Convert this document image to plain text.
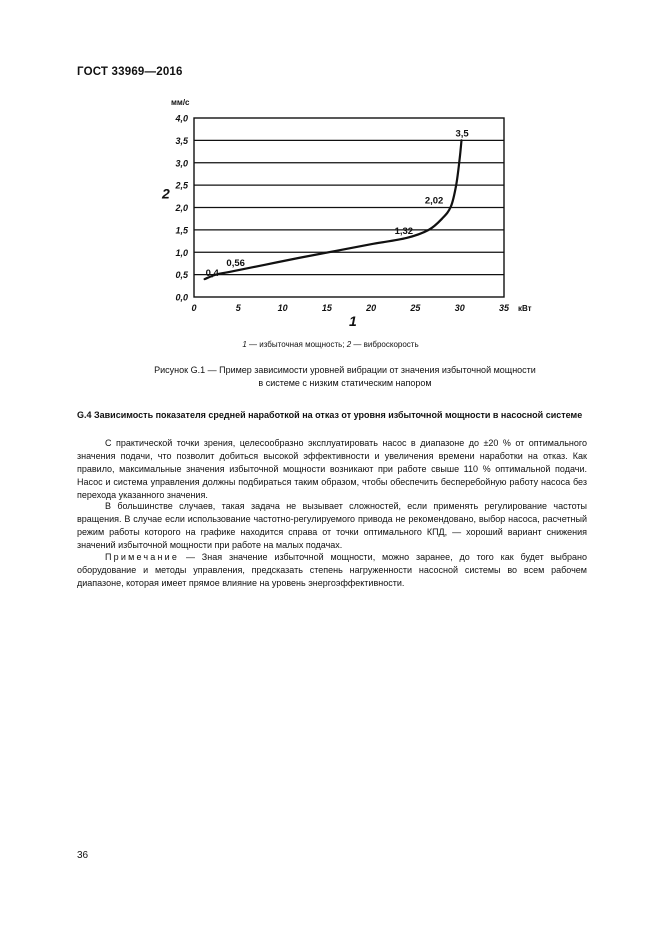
ГОСТ 33969—2016
0,0
0,5
1,0
1,5
2,0
2,5
3,0
3,5
4,0
0	5	10	15	20	25	30	35
мм/с
кВт
2
1
0,4
0,56
1,32
2,02
3,5
1 — избыточная мощность; 2 — виброскорость
Рисунок G.1 — Пример зависимости уровней вибрации от значения избыточной мощности
в системе с низким статическим напором
G.4 Зависимость показателя средней наработкой на отказ от уровня избыточной мощности в насосной системе
С практической точки зрения, целесообразно эксплуатировать насос в диапазоне до ±20 % от оптимального значения подачи, что позволит добиться высокой эффективности и увеличения времени наработки на отказ. Как правило, максимальные значения избыточной мощности возникают при работе свыше 110 % оптимальной подачи. Насос и система управления должны подбираться таким образом, чтобы обеспечить бесперебойную работу насоса без перехода указанного значения.
В большинстве случаев, такая задача не вызывает сложностей, если применять регулирование частоты вращения. В случае если использование частотно-регулируемого привода не рекомендовано, выбор насоса, расчетный режим работы которого на графике находится справа от точки оптимального КПД, — хороший вариант снижения значений избыточной мощности при работе на малых подачах.
Примечание — Зная значение избыточной мощности, можно заранее, до того как будет выбрано оборудование и методы управления, предсказать степень нагруженности насосной системы во всем рабочем диапазоне, которая имеет прямое влияние на уровень энергоэффективности.
36
